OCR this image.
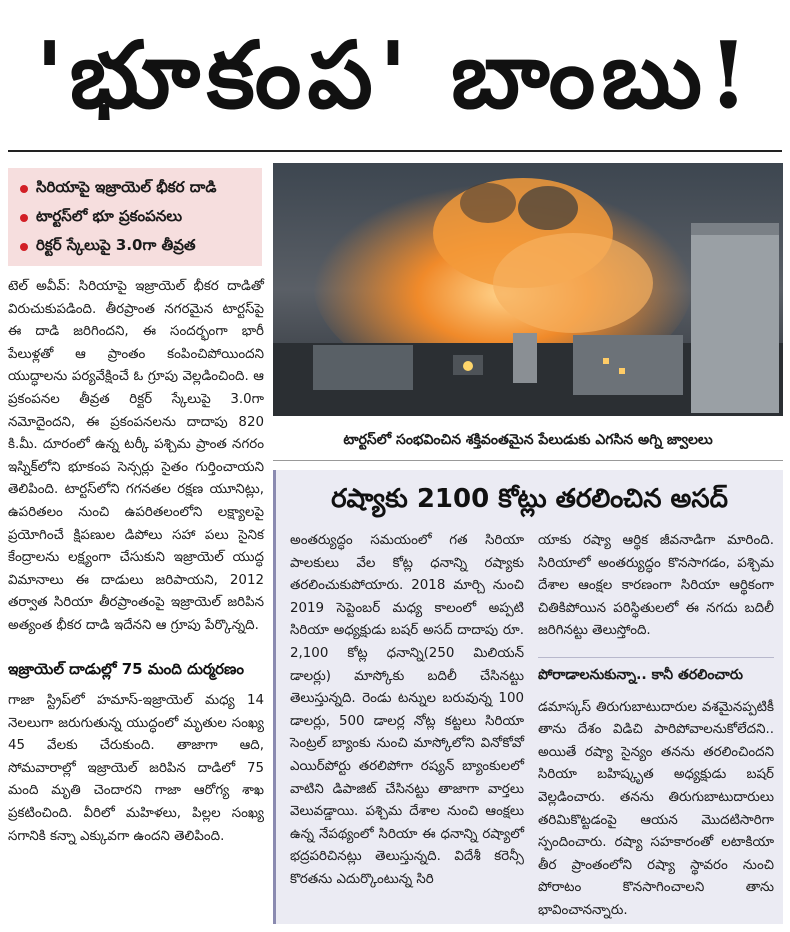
'భూకంప' బాంబు!
సిరియాపై ఇజ్రాయెల్ భీకర దాడి
టార్టస్‌లో భూ ప్రకంపనలు
రిక్టర్ స్కేలుపై 3.0గా తీవ్రత

టెల్ అవీవ్: సిరియాపై ఇజ్రాయెల్ భీకర దాడితో విరుచుకుపడింది. తీరప్రాంత నగరమైన టార్టస్‌పై ఈ దాడి జరిగిందని, ఈ సందర్భంగా భారీ పేలుళ్లతో ఆ ప్రాంతం కంపించిపోయిందని యుద్ధాలను పర్యవేక్షించే ఓ గ్రూపు వెల్లడించింది. ఆ ప్రకంపనల తీవ్రత రిక్టర్ స్కేలుపై 3.0గా నమోదైందని, ఈ ప్రకంపనలను దాదాపు 820 కి.మీ. దూరంలో ఉన్న టర్కీ పశ్చిమ ప్రాంత నగరం ఇస్నిక్‌లోని భూకంప సెన్సర్లు సైతం గుర్తించాయని తెలిపింది. టార్టస్‌లోని గగనతల రక్షణ యూనిట్లు, ఉపరితలం నుంచి ఉపరితలంలోని లక్ష్యాలపై ప్రయోగించే క్షిపణుల డిపోలు సహా పలు సైనిక కేంద్రాలను లక్ష్యంగా చేసుకుని ఇజ్రాయెల్ యుద్ధ విమానాలు ఈ దాడులు జరిపాయని, 2012 తర్వాత సిరియా తీరప్రాంతంపై ఇజ్రాయెల్ జరిపిన అత్యంత భీకర దాడి ఇదేనని ఆ గ్రూపు పేర్కొన్నది.

ఇజ్రాయెల్ దాడుల్లో 75 మంది దుర్మరణం

గాజా స్ట్రిప్‌లో హమాస్-ఇజ్రాయెల్ మధ్య 14 నెలలుగా జరుగుతున్న యుద్ధంలో మృతుల సంఖ్య 45 వేలకు చేరుకుంది. తాజాగా ఆది, సోమవారాల్లో ఇజ్రాయెల్ జరిపిన దాడిలో 75 మంది మృతి చెందారని గాజా ఆరోగ్య శాఖ ప్రకటించింది. వీరిలో మహిళలు, పిల్లల సంఖ్య సగానికి కన్నా ఎక్కువగా ఉందని తెలిపింది.

టార్టస్‌లో సంభవించిన శక్తివంతమైన పేలుడుకు ఎగసిన అగ్ని జ్వాలలు
రష్యాకు 2100 కోట్లు తరలించిన అసద్

అంతర్యుద్ధం సమయంలో గత సిరియా పాలకులు వేల కోట్ల ధనాన్ని రష్యాకు తరలించుకుపోయారు. 2018 మార్చి నుంచి 2019 సెప్టెంబర్ మధ్య కాలంలో అప్పటి సిరియా అధ్యక్షుడు బషర్ అసద్ దాదాపు రూ. 2,100 కోట్ల ధనాన్ని(250 మిలియన్ డాలర్లు) మాస్కోకు బదిలీ చేసినట్టు తెలుస్తున్నది. రెండు టన్నుల బరువున్న 100 డాలర్లు, 500 డాలర్ల నోట్ల కట్టలు సిరియా సెంట్రల్ బ్యాంకు నుంచి మాస్కోలోని వినోకోవో ఎయిర్‌పోర్టు తరలిపోగా రష్యన్ బ్యాంకులలో వాటిని డిపాజిట్ చేసినట్టు తాజాగా వార్తలు వెలువడ్డాయి. పశ్చిమ దేశాల నుంచి ఆంక్షలు ఉన్న నేపథ్యంలో సిరియా ఈ ధనాన్ని రష్యాలో భద్రపరిచినట్లు తెలుస్తున్నది. విదేశీ కరెన్సీ కొరతను ఎదుర్కొంటున్న సిరి

యాకు రష్యా ఆర్థిక జీవనాడిగా మారింది. సిరియాలో అంతర్యుద్ధం కొనసాగడం, పశ్చిమ దేశాల ఆంక్షల కారణంగా సిరియా ఆర్థికంగా చితికిపోయిన పరిస్థితులలో ఈ నగదు బదిలీ జరిగినట్టు తెలుస్తోంది.

పోరాడాలనుకున్నా.. కానీ తరలించారు

డమాస్కస్ తిరుగుబాటుదారుల వశమైనప్పటికీ తాను దేశం విడిచి పారిపోవాలనుకోలేదని.. అయితే రష్యా సైన్యం తనను తరలించిందని సిరియా బహిష్కృత అధ్యక్షుడు బషర్ వెల్లడించారు. తనను తిరుగుబాటుదారులు తరిమికొట్టడంపై ఆయన మొదటిసారిగా స్పందించారు. రష్యా సహకారంతో లటాకియా తీర ప్రాంతంలోని రష్యా స్థావరం నుంచి పోరాటం కొనసాగించాలని తాను భావించానన్నారు.
